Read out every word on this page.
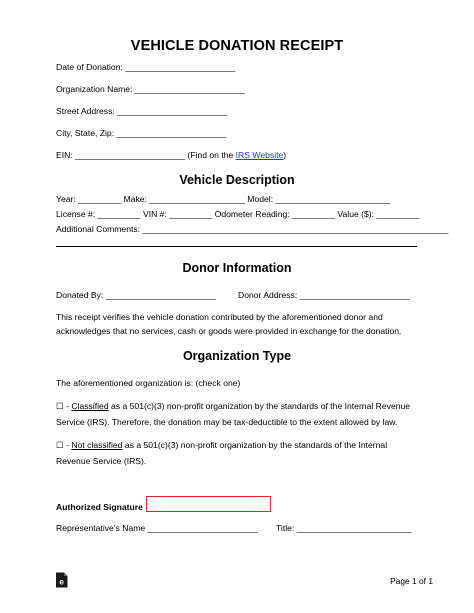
VEHICLE DONATION RECEIPT
Date of Donation: _______________________
Organization Name: _______________________
Street Address: _______________________
City, State, Zip: _______________________
EIN: _______________________ (Find on the IRS Website)
Vehicle Description
Year: _________ Make: ____________________ Model: ________________________
License #: _________ VIN #: _________ Odometer Reading: _________ Value ($): _________
Additional Comments: ________________________________________________________________
Donor Information
Donated By: _______________________	Donor Address: _______________________
This receipt verifies the vehicle donation contributed by the aforementioned donor and
acknowledges that no services, cash or goods were provided in exchange for the donation.
Organization Type
The aforementioned organization is: (check one)
☐ - Classified as a 501(c)(3) non-profit organization by the standards of the Internal Revenue
Service (IRS). Therefore, the donation may be tax-deductible to the extent allowed by law.
☐ - Not classified as a 501(c)(3) non-profit organization by the standards of the Internal
Revenue Service (IRS).
Authorized Signature
Representative’s Name _______________________ Title: ________________________
e	Page 1 of 1
